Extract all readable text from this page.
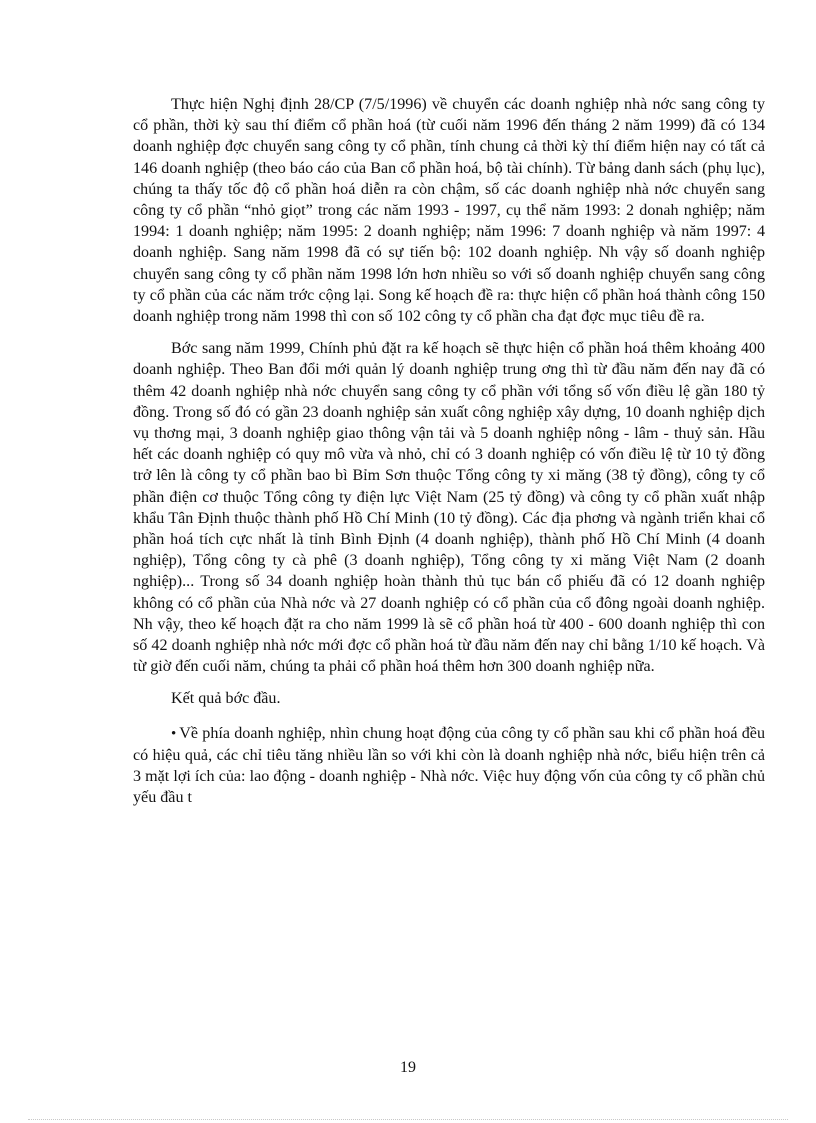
Thực hiện Nghị định 28/CP (7/5/1996) về chuyển các doanh nghiệp nhà nớc sang công ty cổ phần, thời kỳ sau thí điểm cổ phần hoá (từ cuối năm 1996 đến tháng 2 năm 1999) đã có 134 doanh nghiệp đợc chuyển sang công ty cổ phần, tính chung cả thời kỳ thí điểm hiện nay có tất cả 146 doanh nghiệp (theo báo cáo của Ban cổ phần hoá, bộ tài chính). Từ bảng danh sách (phụ lục), chúng ta thấy tốc độ cổ phần hoá diễn ra còn chậm, số các doanh nghiệp nhà nớc chuyển sang công ty cổ phần “nhỏ giọt” trong các năm 1993 - 1997, cụ thể năm 1993: 2 donah nghiệp; năm 1994: 1 doanh nghiệp; năm 1995: 2 doanh nghiệp; năm 1996: 7 doanh nghiệp và năm 1997: 4 doanh nghiệp. Sang năm 1998 đã có sự tiến bộ: 102 doanh nghiệp. Nh vậy số doanh nghiệp chuyển sang công ty cổ phần năm 1998 lớn hơn nhiều so với số doanh nghiệp chuyển sang công ty cổ phần của các năm trớc cộng lại. Song kế hoạch đề ra: thực hiện cổ phần hoá thành công 150 doanh nghiệp trong năm 1998 thì con số 102 công ty cổ phần cha đạt đợc mục tiêu đề ra.

Bớc sang năm 1999, Chính phủ đặt ra kế hoạch sẽ thực hiện cổ phần hoá thêm khoảng 400 doanh nghiệp. Theo Ban đổi mới quản lý doanh nghiệp trung ơng thì từ đầu năm đến nay đã có thêm 42 doanh nghiệp nhà nớc chuyển sang công ty cổ phần với tổng số vốn điều lệ gần 180 tỷ đồng. Trong số đó có gần 23 doanh nghiệp sản xuất công nghiệp xây dựng, 10 doanh nghiệp dịch vụ thơng mại, 3 doanh nghiệp giao thông vận tải và 5 doanh nghiệp nông - lâm - thuỷ sản. Hầu hết các doanh nghiệp có quy mô vừa và nhỏ, chỉ có 3 doanh nghiệp có vốn điều lệ từ 10 tỷ đồng trở lên là công ty cổ phần bao bì Bỉm Sơn thuộc Tổng công ty xi măng (38 tỷ đồng), công ty cổ phần điện cơ thuộc Tổng công ty điện lực Việt Nam (25 tỷ đồng) và công ty cổ phần xuất nhập khẩu Tân Định thuộc thành phố Hồ Chí Minh (10 tỷ đồng). Các địa phơng và ngành triển khai cổ phần hoá tích cực nhất là tỉnh Bình Định (4 doanh nghiệp), thành phố Hồ Chí Minh (4 doanh nghiệp), Tổng công ty cà phê (3 doanh nghiệp), Tổng công ty xi măng Việt Nam (2 doanh nghiệp)... Trong số 34 doanh nghiệp hoàn thành thủ tục bán cổ phiếu đã có 12 doanh nghiệp không có cổ phần của Nhà nớc và 27 doanh nghiệp có cổ phần của cổ đông ngoài doanh nghiệp. Nh vậy, theo kế hoạch đặt ra cho năm 1999 là sẽ cổ phần hoá từ 400 - 600 doanh nghiệp thì con số 42 doanh nghiệp nhà nớc mới đợc cổ phần hoá từ đầu năm đến nay chỉ bằng 1/10 kế hoạch. Và từ giờ đến cuối năm, chúng ta phải cổ phần hoá thêm hơn 300 doanh nghiệp nữa.

Kết quả bớc đầu.

• Về phía doanh nghiệp, nhìn chung hoạt động của công ty cổ phần sau khi cổ phần hoá đều có hiệu quả, các chỉ tiêu tăng nhiều lần so với khi còn là doanh nghiệp nhà nớc, biểu hiện trên cả 3 mặt lợi ích của: lao động - doanh nghiệp - Nhà nớc. Việc huy động vốn của công ty cổ phần chủ yếu đầu t

19
